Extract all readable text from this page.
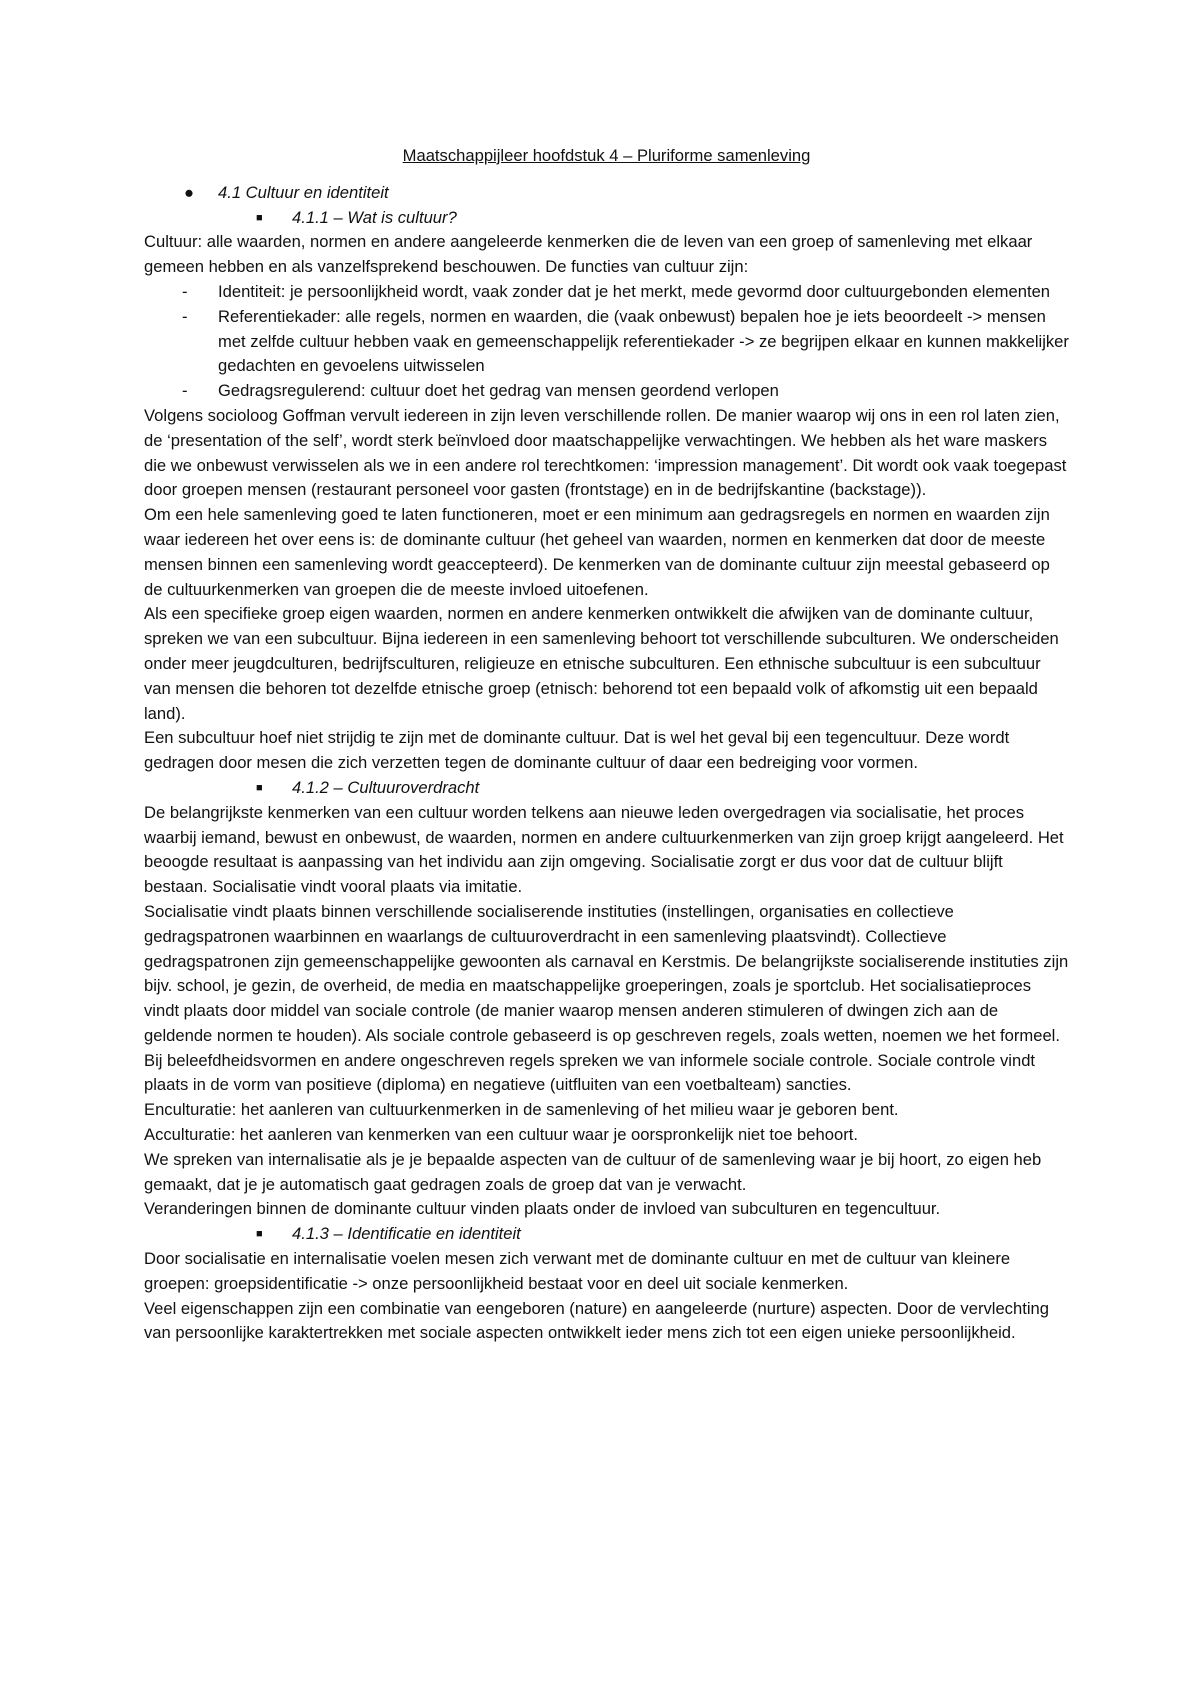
Maatschappijleer hoofdstuk 4 – Pluriforme samenleving
● 4.1 Cultuur en identiteit
■ 4.1.1 – Wat is cultuur?

Cultuur: alle waarden, normen en andere aangeleerde kenmerken die de leven van een groep of samenleving met elkaar gemeen hebben en als vanzelfsprekend beschouwen. De functies van cultuur zijn:

- Identiteit: je persoonlijkheid wordt, vaak zonder dat je het merkt, mede gevormd door cultuurgebonden elementen
- Referentiekader: alle regels, normen en waarden, die (vaak onbewust) bepalen hoe je iets beoordeelt -> mensen met zelfde cultuur hebben vaak en gemeenschappelijk referentiekader -> ze begrijpen elkaar en kunnen makkelijker gedachten en gevoelens uitwisselen
- Gedragsregulerend: cultuur doet het gedrag van mensen geordend verlopen

Volgens socioloog Goffman vervult iedereen in zijn leven verschillende rollen. De manier waarop wij ons in een rol laten zien, de ‘presentation of the self’, wordt sterk beïnvloed door maatschappelijke verwachtingen. We hebben als het ware maskers die we onbewust verwisselen als we in een andere rol terechtkomen: ‘impression management’. Dit wordt ook vaak toegepast door groepen mensen (restaurant personeel voor gasten (frontstage) en in de bedrijfskantine (backstage)).

Om een hele samenleving goed te laten functioneren, moet er een minimum aan gedragsregels en normen en waarden zijn waar iedereen het over eens is: de dominante cultuur (het geheel van waarden, normen en kenmerken dat door de meeste mensen binnen een samenleving wordt geaccepteerd). De kenmerken van de dominante cultuur zijn meestal gebaseerd op de cultuurkenmerken van groepen die de meeste invloed uitoefenen.

Als een specifieke groep eigen waarden, normen en andere kenmerken ontwikkelt die afwijken van de dominante cultuur, spreken we van een subcultuur. Bijna iedereen in een samenleving behoort tot verschillende subculturen. We onderscheiden onder meer jeugdculturen, bedrijfsculturen, religieuze en etnische subculturen. Een ethnische subcultuur is een subcultuur van mensen die behoren tot dezelfde etnische groep (etnisch: behorend tot een bepaald volk of afkomstig uit een bepaald land).

Een subcultuur hoef niet strijdig te zijn met de dominante cultuur. Dat is wel het geval bij een tegencultuur. Deze wordt gedragen door mesen die zich verzetten tegen de dominante cultuur of daar een bedreiging voor vormen.

■ 4.1.2 – Cultuuroverdracht

De belangrijkste kenmerken van een cultuur worden telkens aan nieuwe leden overgedragen via socialisatie, het proces waarbij iemand, bewust en onbewust, de waarden, normen en andere cultuurkenmerken van zijn groep krijgt aangeleerd. Het beoogde resultaat is aanpassing van het individu aan zijn omgeving. Socialisatie zorgt er dus voor dat de cultuur blijft bestaan. Socialisatie vindt vooral plaats via imitatie.

Socialisatie vindt plaats binnen verschillende socialiserende instituties (instellingen, organisaties en collectieve gedragspatronen waarbinnen en waarlangs de cultuuroverdracht in een samenleving plaatsvindt). Collectieve gedragspatronen zijn gemeenschappelijke gewoonten als carnaval en Kerstmis. De belangrijkste socialiserende instituties zijn bijv. school, je gezin, de overheid, de media en maatschappelijke groeperingen, zoals je sportclub. Het socialisatieproces vindt plaats door middel van sociale controle (de manier waarop mensen anderen stimuleren of dwingen zich aan de geldende normen te houden). Als sociale controle gebaseerd is op geschreven regels, zoals wetten, noemen we het formeel. Bij beleefdheidsvormen en andere ongeschreven regels spreken we van informele sociale controle. Sociale controle vindt plaats in de vorm van positieve (diploma) en negatieve (uitfluiten van een voetbalteam) sancties.

Enculturatie: het aanleren van cultuurkenmerken in de samenleving of het milieu waar je geboren bent.

Acculturatie: het aanleren van kenmerken van een cultuur waar je oorspronkelijk niet toe behoort.

We spreken van internalisatie als je je bepaalde aspecten van de cultuur of de samenleving waar je bij hoort, zo eigen heb gemaakt, dat je je automatisch gaat gedragen zoals de groep dat van je verwacht.

Veranderingen binnen de dominante cultuur vinden plaats onder de invloed van subculturen en tegencultuur.

■ 4.1.3 – Identificatie en identiteit

Door socialisatie en internalisatie voelen mesen zich verwant met de dominante cultuur en met de cultuur van kleinere groepen: groepsidentificatie -> onze persoonlijkheid bestaat voor en deel uit sociale kenmerken.

Veel eigenschappen zijn een combinatie van eengeboren (nature) en aangeleerde (nurture) aspecten. Door de vervlechting van persoonlijke karaktertrekken met sociale aspecten ontwikkelt ieder mens zich tot een eigen unieke persoonlijkheid.
